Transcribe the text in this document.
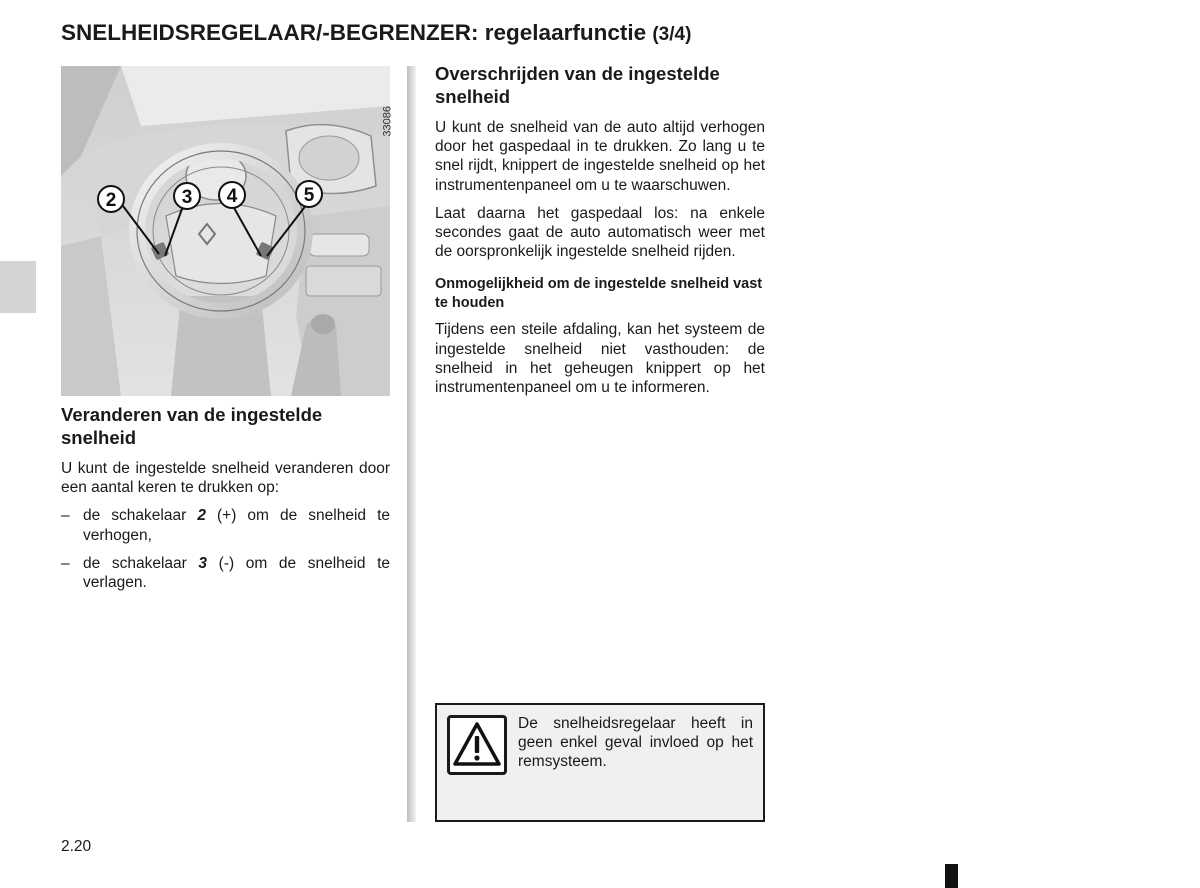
SNELHEIDSREGELAAR/-BEGRENZER: regelaarfunctie (3/4)
2	3 4	5
33086
Veranderen van de ingestelde snelheid

U kunt de ingestelde snelheid veranderen door een aantal keren te drukken op:

– de schakelaar 2 (+) om de snelheid te verhogen,
– de schakelaar 3 (-) om de snelheid te verlagen.
Overschrijden van de ingestelde snelheid

U kunt de snelheid van de auto altijd verhogen door het gaspedaal in te drukken. Zo lang u te snel rijdt, knippert de ingestelde snelheid op het instrumentenpaneel om u te waarschuwen.

Laat daarna het gaspedaal los: na enkele secondes gaat de auto automatisch weer met de oorspronkelijk ingestelde snelheid rijden.

Onmogelijkheid om de ingestelde snelheid vast te houden

Tijdens een steile afdaling, kan het systeem de ingestelde snelheid niet vasthouden: de snelheid in het geheugen knippert op het instrumentenpaneel om u te informeren.

De snelheidsregelaar heeft in geen enkel geval invloed op het remsysteem.
2.20
